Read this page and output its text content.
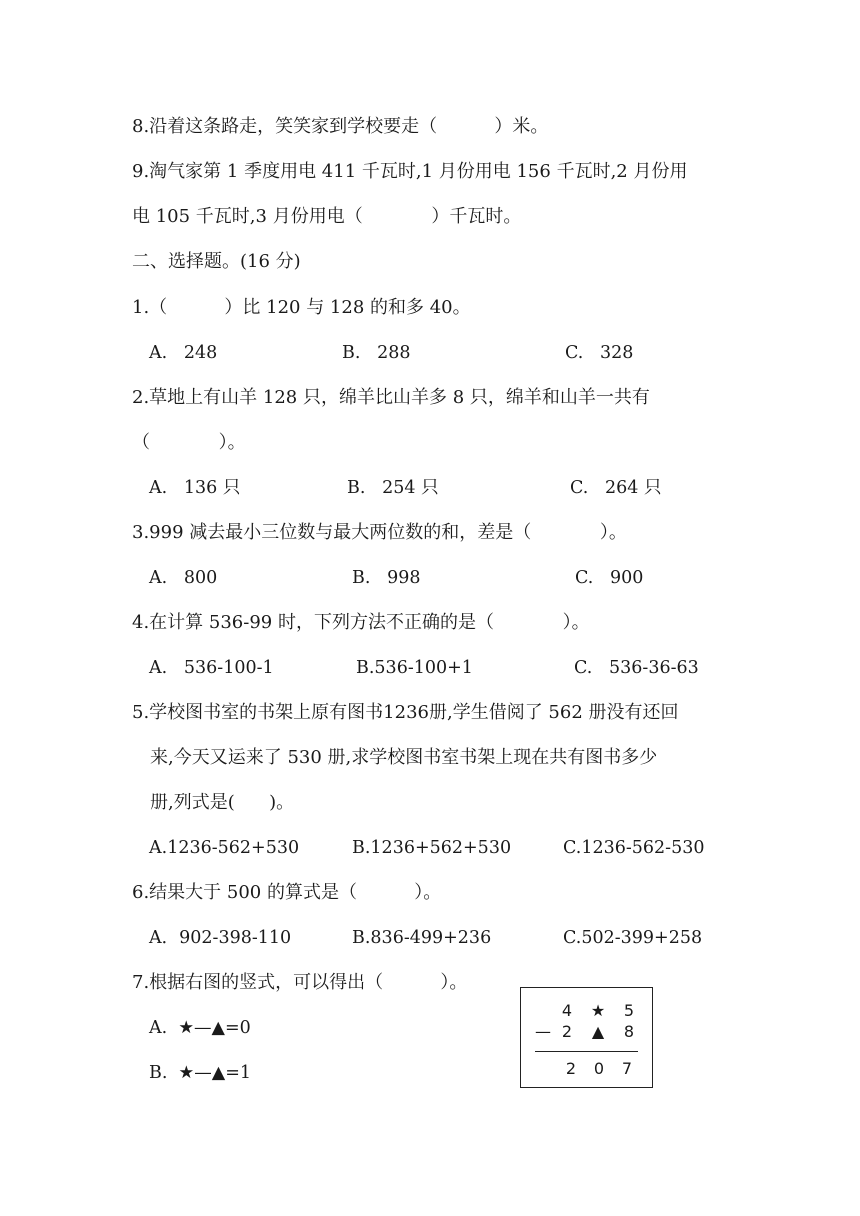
8.沿着这条路走，笑笑家到学校要走（          ）米。
9.淘气家第 1 季度用电 411 千瓦时,1 月份用电 156 千瓦时,2 月份用
电 105 千瓦时,3 月份用电（            ）千瓦时。
二、选择题。(16 分)
1.（          ）比 120 与 128 的和多 40。
A.   248	B.   288	C.   328
2.草地上有山羊 128 只，绵羊比山羊多 8 只，绵羊和山羊一共有
（            ）。
A.   136 只	B.   254 只	C.   264 只
3.999 减去最小三位数与最大两位数的和，差是（            ）。
A.   800	B.   998	C.   900
4.在计算 536-99 时，下列方法不正确的是（            ）。
A.   536-100-1	B.536-100+1	C.   536-36-63
5.学校图书室的书架上原有图书1236册,学生借阅了 562 册没有还回
来,今天又运来了 530 册,求学校图书室书架上现在共有图书多少
册,列式是(      )。
A.1236-562+530	B.1236+562+530	C.1236-562-530
6.结果大于 500 的算式是（          ）。
A．902-398-110	B.836-499+236	C.502-399+258
7.根据右图的竖式，可以得出（          ）。
A.  ★—▲=0
B.  ★—▲=1
4	★	5
— 2	▲	8
2	0	7
